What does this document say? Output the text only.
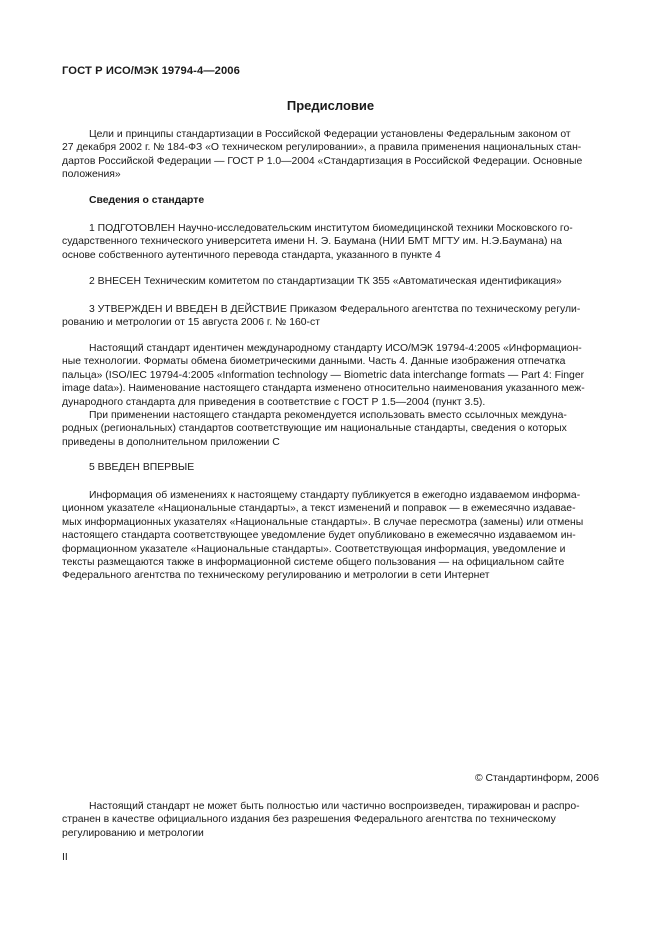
ГОСТ Р ИСО/МЭК 19794-4—2006
Предисловие
Цели и принципы стандартизации в Российской Федерации установлены Федеральным законом от
27 декабря 2002 г. № 184-ФЗ «О техническом регулировании», а правила применения национальных стан-
дартов Российской Федерации — ГОСТ Р 1.0—2004 «Стандартизация в Российской Федерации. Основные
положения»
Сведения о стандарте
1 ПОДГОТОВЛЕН Научно-исследовательским институтом биомедицинской техники Московского го-
сударственного технического университета имени Н. Э. Баумана (НИИ БМТ МГТУ им. Н.Э.Баумана) на
основе собственного аутентичного перевода стандарта, указанного в пункте 4
2 ВНЕСЕН Техническим комитетом по стандартизации ТК 355 «Автоматическая идентификация»
3 УТВЕРЖДЕН И ВВЕДЕН В ДЕЙСТВИЕ Приказом Федерального агентства по техническому регули-
рованию и метрологии от 15 августа 2006 г. № 160-ст
Настоящий стандарт идентичен международному стандарту ИСО/МЭК 19794-4:2005 «Информацион-
ные технологии. Форматы обмена биометрическими данными. Часть 4. Данные изображения отпечатка
пальца» (ISO/IEC 19794-4:2005 «Information technology — Biometric data interchange formats — Part 4: Finger
image data»). Наименование настоящего стандарта изменено относительно наименования указанного меж-
дународного стандарта для приведения в соответствие с ГОСТ Р 1.5—2004 (пункт 3.5).
При применении настоящего стандарта рекомендуется использовать вместо ссылочных междуна-
родных (региональных) стандартов соответствующие им национальные стандарты, сведения о которых
приведены в дополнительном приложении С
5 ВВЕДЕН ВПЕРВЫЕ
Информация об изменениях к настоящему стандарту публикуется в ежегодно издаваемом информа-
ционном указателе «Национальные стандарты», а текст изменений и поправок — в ежемесячно издавае-
мых информационных указателях «Национальные стандарты». В случае пересмотра (замены) или отмены
настоящего стандарта соответствующее уведомление будет опубликовано в ежемесячно издаваемом ин-
формационном указателе «Национальные стандарты». Соответствующая информация, уведомление и
тексты размещаются также в информационной системе общего пользования — на официальном сайте
Федерального агентства по техническому регулированию и метрологии в сети Интернет
© Стандартинформ, 2006
Настоящий стандарт не может быть полностью или частично воспроизведен, тиражирован и распро-
странен в качестве официального издания без разрешения Федерального агентства по техническому
регулированию и метрологии
II
